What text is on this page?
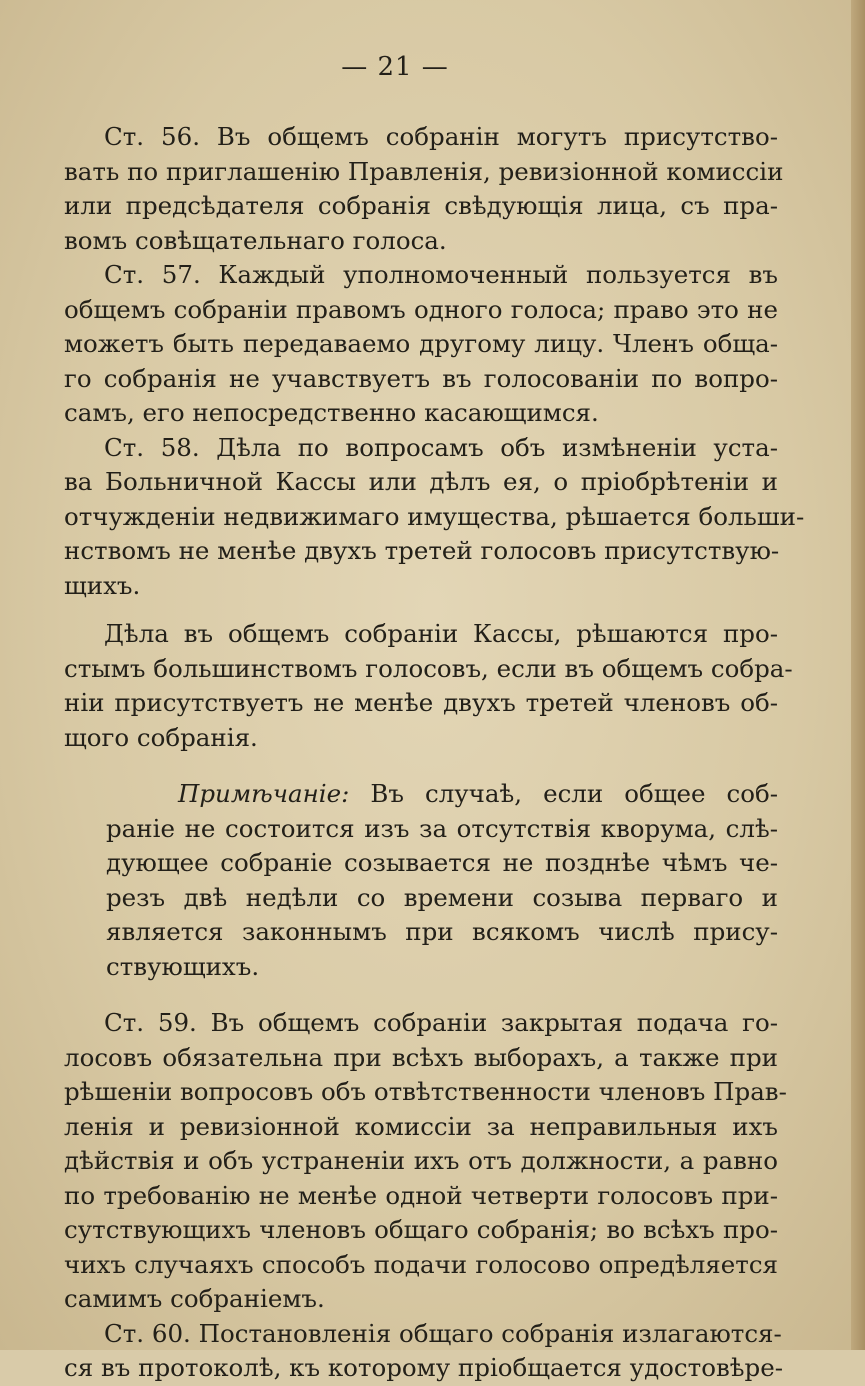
— 21 —
Ст. 56. Въ общемъ собранін могутъ присутство-
вать по приглашенію Правленія, ревизіонной комиссіи
или предсѣдателя собранія свѣдующія лица, съ пра-
вомъ совѣщательнаго голоса.
Ст. 57. Каждый уполномоченный пользуется въ
общемъ собраніи правомъ одного голоса; право это не
можетъ быть передаваемо другому лицу. Членъ обща-
го собранія не учавствуетъ въ голосованіи по вопро-
самъ, его непосредственно касающимся.
Ст. 58. Дѣла по вопросамъ объ измѣненіи уста-
ва Больничной Кассы или дѣлъ ея, о пріобрѣтеніи и
отчужденіи недвижимаго имущества, рѣшается больши-
нствомъ не менѣе двухъ третей голосовъ присутствую-
щихъ.
Дѣла въ общемъ собраніи Кассы, рѣшаются про-
стымъ большинствомъ голосовъ, если въ общемъ собра-
ніи присутствуетъ не менѣе двухъ третей членовъ об-
щого собранія.
Примѣчаніе: Въ случаѣ, если общее соб-
раніе не состоится изъ за отсутствія кворума, слѣ-
дующее собраніе созывается не позднѣе чѣмъ че-
резъ двѣ недѣли со времени созыва перваго и
является законнымъ при всякомъ числѣ прису-
ствующихъ.
Ст. 59. Въ общемъ собраніи закрытая подача го-
лосовъ обязательна при всѣхъ выборахъ, а также при
рѣшеніи вопросовъ объ отвѣтственности членовъ Прав-
ленія и ревизіонной комиссіи за неправильныя ихъ
дѣйствія и объ устраненіи ихъ отъ должности, а равно
по требованію не менѣе одной четверти голосовъ при-
сутствующихъ членовъ общаго собранія; во всѣхъ про-
чихъ случаяхъ способъ подачи голосово опредѣляется
самимъ собраніемъ.
Ст. 60. Постановленія общаго собранія излагаются-
ся въ протоколѣ, къ которому пріобщается удостовѣре-
